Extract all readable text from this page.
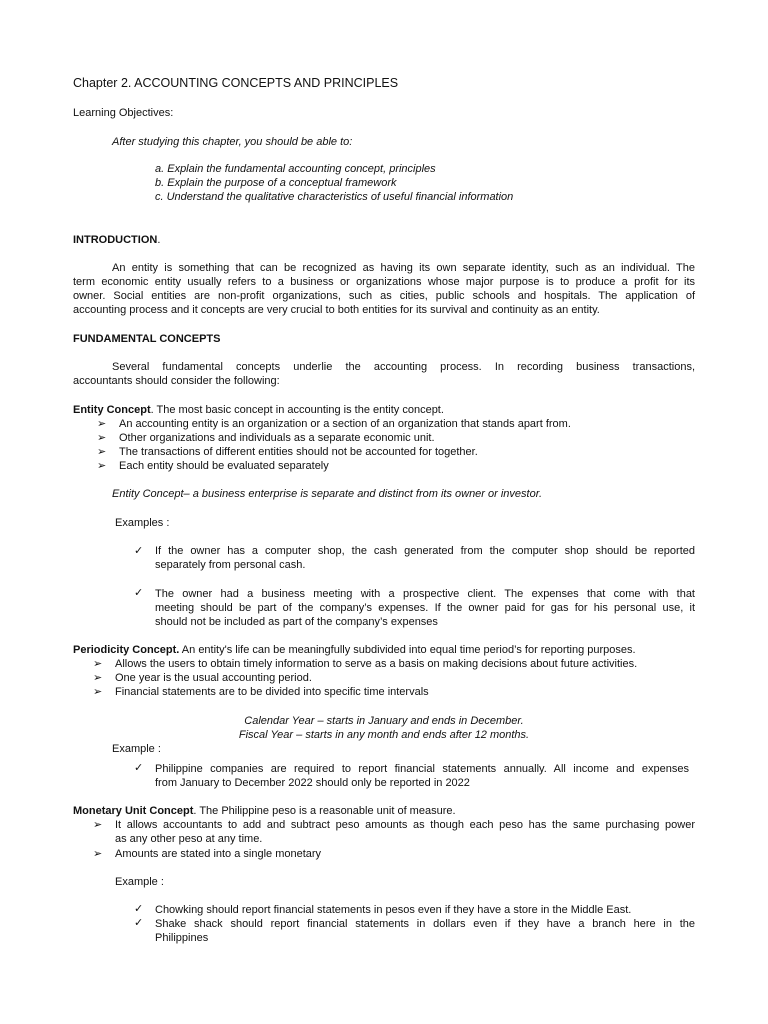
Chapter 2. ACCOUNTING CONCEPTS AND PRINCIPLES
Learning Objectives:
After studying this chapter, you should be able to:
a. Explain the fundamental accounting concept, principles
b. Explain the purpose of a conceptual framework
c. Understand the qualitative characteristics of useful financial information
INTRODUCTION.
An entity is something that can be recognized as having its own separate identity, such as an individual. The
term economic entity usually refers to a business or organizations whose major purpose is to produce a profit for its
owner. Social entities are non-profit organizations, such as cities, public schools and hospitals. The application of
accounting process and it concepts are very crucial to both entities for its survival and continuity as an entity.
FUNDAMENTAL CONCEPTS
Several fundamental concepts underlie the accounting process. In recording business transactions,
accountants should consider the following:
Entity Concept. The most basic concept in accounting is the entity concept.
➢ An accounting entity is an organization or a section of an organization that stands apart from.
➢ Other organizations and individuals as a separate economic unit.
➢ The transactions of different entities should not be accounted for together.
➢ Each entity should be evaluated separately
Entity Concept– a business enterprise is separate and distinct from its owner or investor.
Examples :
✓ If the owner has a computer shop, the cash generated from the computer shop should be reported
separately from personal cash.
✓ The owner had a business meeting with a prospective client. The expenses that come with that
meeting should be part of the company’s expenses. If the owner paid for gas for his personal use, it
should not be included as part of the company’s expenses
Periodicity Concept. An entity's life can be meaningfully subdivided into equal time period’s for reporting purposes.
➢ Allows the users to obtain timely information to serve as a basis on making decisions about future activities.
➢ One year is the usual accounting period.
➢ Financial statements are to be divided into specific time intervals
Calendar Year – starts in January and ends in December.
Fiscal Year – starts in any month and ends after 12 months.
Example :
✓ Philippine companies are required to report financial statements annually. All income and expenses
from January to December 2022 should only be reported in 2022
Monetary Unit Concept. The Philippine peso is a reasonable unit of measure.
➢ It allows accountants to add and subtract peso amounts as though each peso has the same purchasing power
as any other peso at any time.
➢ Amounts are stated into a single monetary
Example :
✓ Chowking should report financial statements in pesos even if they have a store in the Middle East.
✓ Shake shack should report financial statements in dollars even if they have a branch here in the
Philippines
